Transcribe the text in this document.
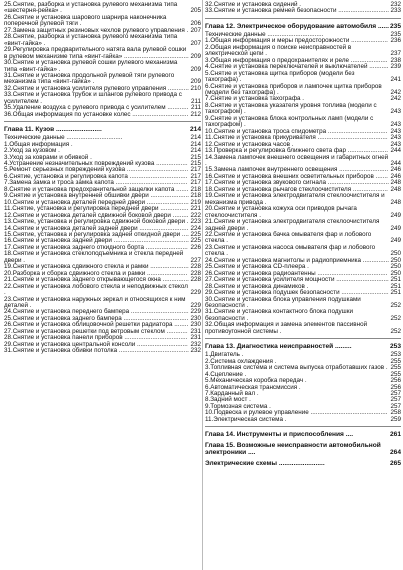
25.Снятие, разборка и установка рулевого механизма типа «шестерня-рейка» .	205
26.Снятие и установка шарового шарнира наконечника поперечной рулевой тяги .	206
27.Замена защитных резиновых чехлов рулевого управления . 207
28.Снятие, разборка и установка рулевого механизма типа «винт-гайка» .	207
29.Регулировка предварительного натяга вала рулевой сошки в рулевом механизме типа «винт-гайка» ..................................... 209
30.Снятие и установка рулевой сошки рулевого механизма типа «винт-гайка» .	209
31.Снятие и установка продольной рулевой тяги рулевого механизма типа «винт-гайка» .	209
32.Снятие и установка усилителя рулевого управления ............ 210
33.Снятие и установка трубок и шлангов рулевого привода с усилителем .	211
35.Удаление воздуха с рулевого привода с усилителем ............ 211
36.Общая информация по установке колес ................................ 212
Глава 11. Кузов .........................	214
Технические данные ................................	214
1.Общая информация .	214
2.Уход за кузовом .	214
3.Уход за коврами и обивкой .	215
4.Устранение незначительных повреждений кузова .................. 215
5.Ремонт серьезных повреждений кузова ................................... 217
6.Снятие, установка и регулировка капота ................................. 217
7.Замена замка и троса замка капота ......................................... 217
8.Снятие и установка предохранительной защелки капота ....... 218
9.Снятие и установка внутренней обшивки двери ...................... 218
10.Снятие и установка деталей передней двери ........................ 219
11.Снятие, установка и регулировка передней двери ................ 221
12.Снятие и установка деталей сдвижной боковой двери ......... 222
13.Снятие, установка и регулировка сдвижной боковой двери . 223
14.Снятие и установка деталей задней двери ............................ 224
15.Снятие, установка и регулировка задней откидной двери .... 225
16.Снятие и установка задней двери ........................................... 225
17.Снятие и установка заднего откидного борта ........................ 226
18.Снятие и установка стеклоподъемника и стекла передней двери .	227
19.Снятие и установка сдвижного стекла и рамки ...................... 228
20.Разборка и сборка сдвижного стекла и рамки ....................... 228
21.Снятие и установка заднего открывающегося окна ............... 228
22.Снятие и установка лобового стекла и неподвижных стекол .	229
23.Снятие и установка наружных зеркал и относящихся к ним деталей .	229
24.Снятие и установка переднего бампера ................................. 229
25.Снятие и установка заднего бампера ..................................... 230
26.Снятие и установка облицовочной решетки радиатора ........ 230
27.Снятие и установка решетки под ветровым стеклом ............ 231
28.Снятие и установка панели приборов .................................... 231
29.Снятие и установка центральной консоли ............................. 232
31.Снятие и установка обивки потолка ........................................ 232
32.Снятие и установка сидений .	232
33.Снятие и установка ремней безопасности ............................. 233
Глава 12. Электрическое оборудование автомобиля ...... 235
Технические данные ................................	235
1.Общая информация и меры предосторожности ..................... 236
2.Общая информация о поиске неисправностей в электрической цепи .	237
3.Общая информация о предохранителях и реле ..................... 238
4.Снятие и установка переключателей и выключателей ........... 239
5.Снятие и установка щитка приборов (модели без тахографа) .	241
6.Снятие и установка приборов и лампочек щитка приборов (модели без тахографа) .	242
7.Снятие и установка тахографа .	242
8.Снятие и установка указателя уровня топлива (модели с тахографом) .	243
9.Снятие и установка блока контрольных ламп (модели с тахографом) .	243
10.Снятие и установка троса спидометра .................................. 243
11.Снятие и установка прикуривателя ........................................ 243
12.Снятие и установка часов .	243
13.Проверка и регулировка ближнего света фар ....................... 244
14.Замена лампочек внешнего освещения и габаритных огней .	244
15.Замена лампочек внутреннего освещения ............................ 246
16.Снятие и установка внешних осветительных приборов ....... 246
17.Снятие и установка звукового сигнала ................................... 248
18.Снятие и установка рычагов стеклоочистителя .................... 248
19.Снятие и установка электродвигателя стеклоочистителя и механизма привода .	248
20.Снятие и установка кожуха оси приводов рычага стеклоочистителя .	249
21.Снятие и установка электродвигателя стеклоочистителя задней двери .	249
22.Снятие и установка бачка омывателя фар и лобового стекла .	249
23.Снятие и установка насоса омывателя фар и лобового стекла .	250
24.Снятие и установка магнитолы и радиоприемника ............... 250
25.Снятие и установка CD-плеера .	250
26.Снятие и установка радиоантенны ........................................ 250
27.Снятие и установка усилителя мощности .............................. 251
28.Снятие и установка динамиков .	251
29.Снятие и установка подушек безопасности ........................... 251
30.Снятие и установка блока управления подушками безопасности .	252
31.Снятие и установка контактного блока подушки безопасности .	252
32.Общая информация и замена элементов пассивной противоугонной системы .	252
Глава 13. Диагностика неисправностей .........	253
1.Двигатель .	253
2.Система охлаждения .	255
3.Топливная система и система выпуска отработавших газов . 255
4.Сцепление .	255
5.Механическая коробка передач .	256
6.Автоматическая трансмиссия .	256
7.Карданный вал .	257
8.Задний мост .	257
9.Тормозная система .	257
10.Подвеска и рулевое управление ............................................ 258
11.Электрическая система .	259
Глава 14. Инструменты и приспособления ....	261
Глава 15. Возможные неисправности автомобильной электроники ....	264
Электрические схемы .........................	265
